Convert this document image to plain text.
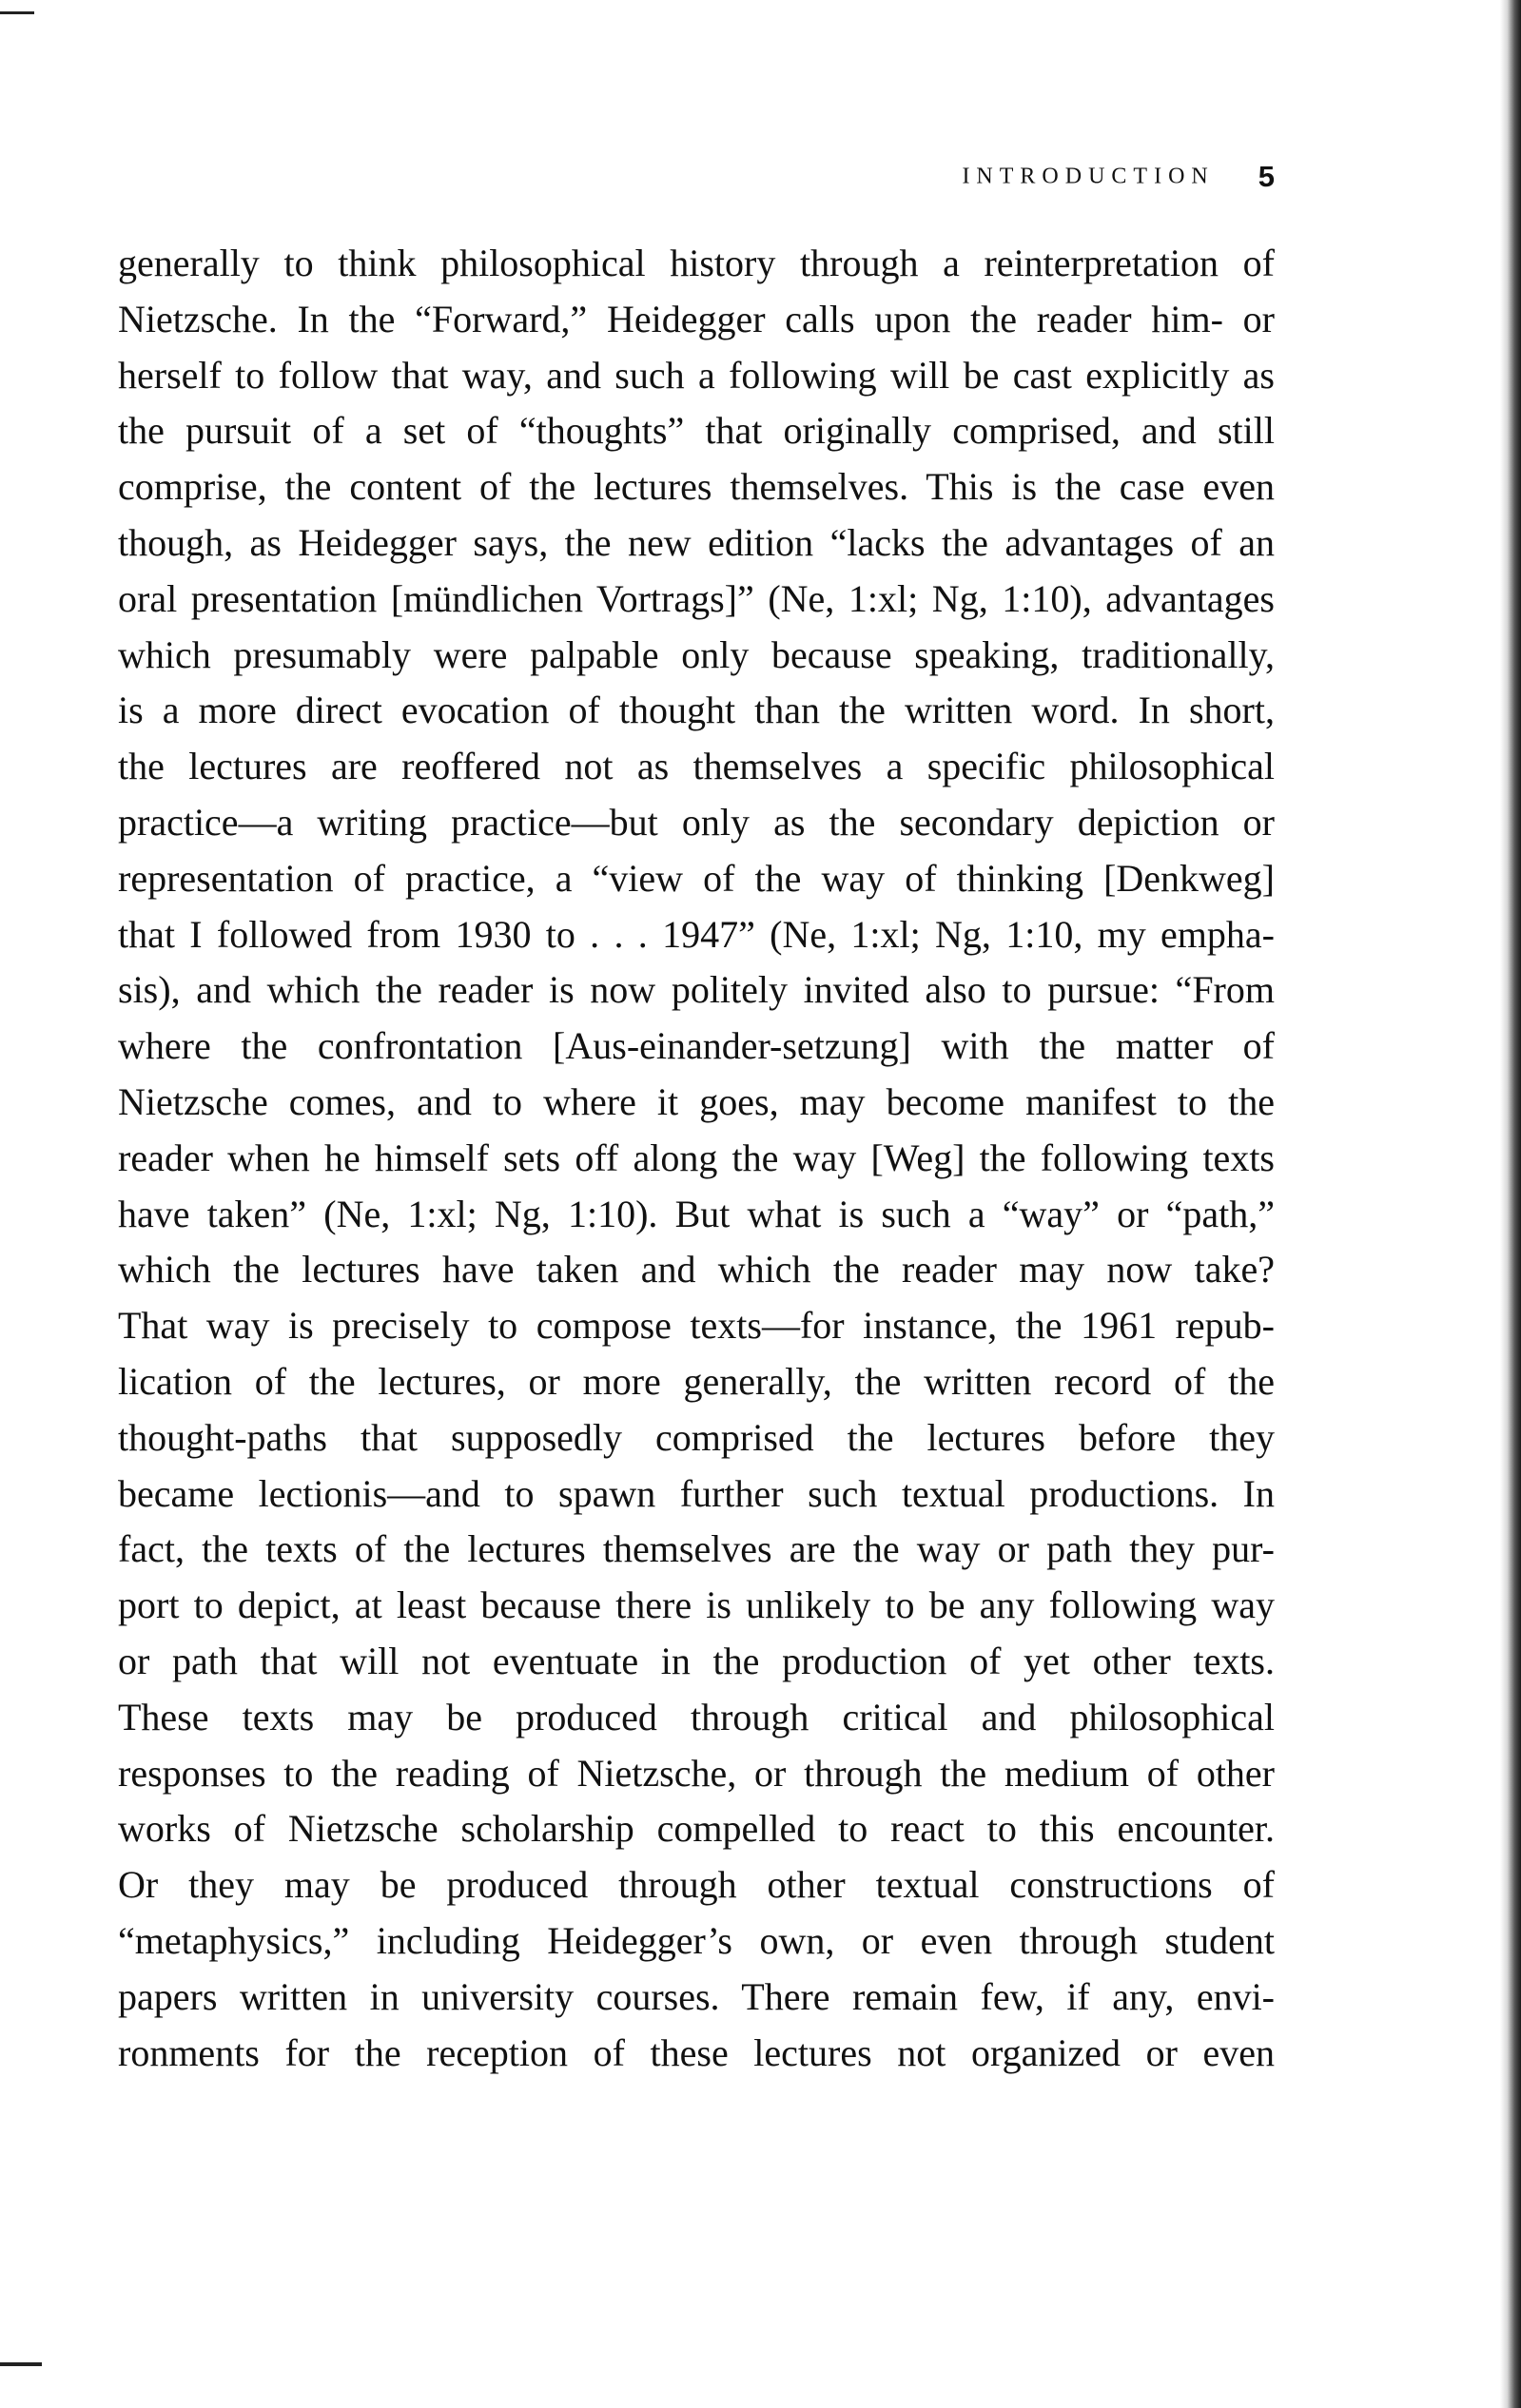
INTRODUCTION 5
generally to think philosophical history through a reinterpretation of
Nietzsche. In the “Forward,” Heidegger calls upon the reader him- or
herself to follow that way, and such a following will be cast explicitly as
the pursuit of a set of “thoughts” that originally comprised, and still
comprise, the content of the lectures themselves. This is the case even
though, as Heidegger says, the new edition “lacks the advantages of an
oral presentation [mündlichen Vortrags]” (Ne, 1:xl; Ng, 1:10), advantages
which presumably were palpable only because speaking, traditionally,
is a more direct evocation of thought than the written word. In short,
the lectures are reoffered not as themselves a specific philosophical
practice—a writing practice—but only as the secondary depiction or
representation of practice, a “view of the way of thinking [Denkweg]
that I followed from 1930 to . . . 1947” (Ne, 1:xl; Ng, 1:10, my empha-
sis), and which the reader is now politely invited also to pursue: “From
where the confrontation [Aus-einander-setzung] with the matter of
Nietzsche comes, and to where it goes, may become manifest to the
reader when he himself sets off along the way [Weg] the following texts
have taken” (Ne, 1:xl; Ng, 1:10). But what is such a “way” or “path,”
which the lectures have taken and which the reader may now take?
That way is precisely to compose texts—for instance, the 1961 repub-
lication of the lectures, or more generally, the written record of the
thought-paths that supposedly comprised the lectures before they
became lectionis—and to spawn further such textual productions. In
fact, the texts of the lectures themselves are the way or path they pur-
port to depict, at least because there is unlikely to be any following way
or path that will not eventuate in the production of yet other texts.
These texts may be produced through critical and philosophical
responses to the reading of Nietzsche, or through the medium of other
works of Nietzsche scholarship compelled to react to this encounter.
Or they may be produced through other textual constructions of
“metaphysics,” including Heidegger’s own, or even through student
papers written in university courses. There remain few, if any, envi-
ronments for the reception of these lectures not organized or even
